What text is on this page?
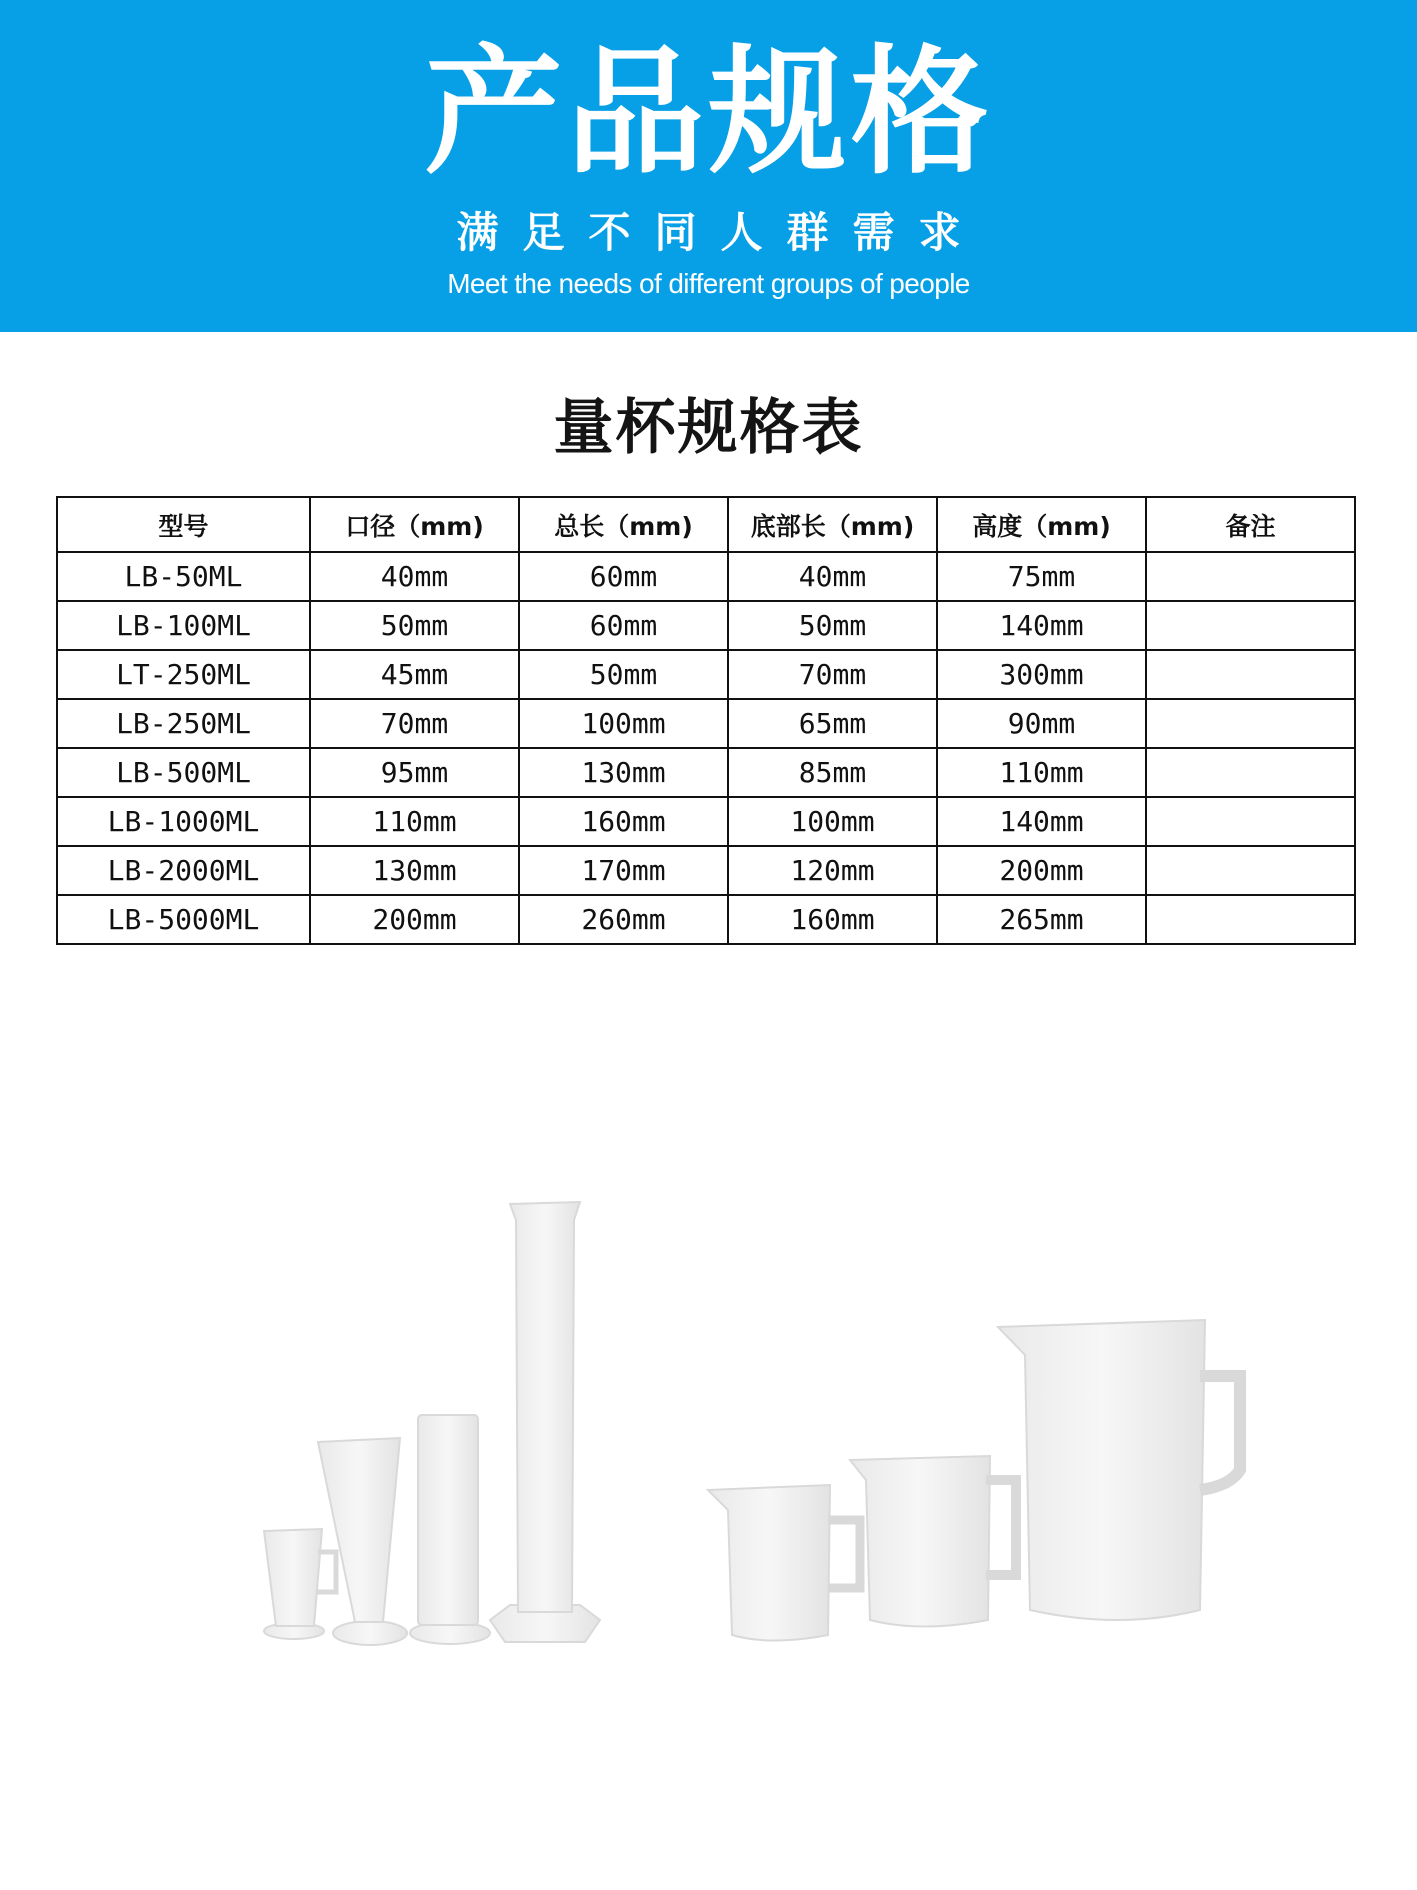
产品规格
满足不同人群需求
Meet the needs of different groups of people
量杯规格表
型号	口径（mm)	总长（mm)	底部长（mm)	高度（mm)	备注
LB-50ML	40mm	60mm	40mm	75mm	
LB-100ML	50mm	60mm	50mm	140mm	
LT-250ML	45mm	50mm	70mm	300mm	
LB-250ML	70mm	100mm	65mm	90mm	
LB-500ML	95mm	130mm	85mm	110mm	
LB-1000ML	110mm	160mm	100mm	140mm	
LB-2000ML	130mm	170mm	120mm	200mm	
LB-5000ML	200mm	260mm	160mm	265mm	
